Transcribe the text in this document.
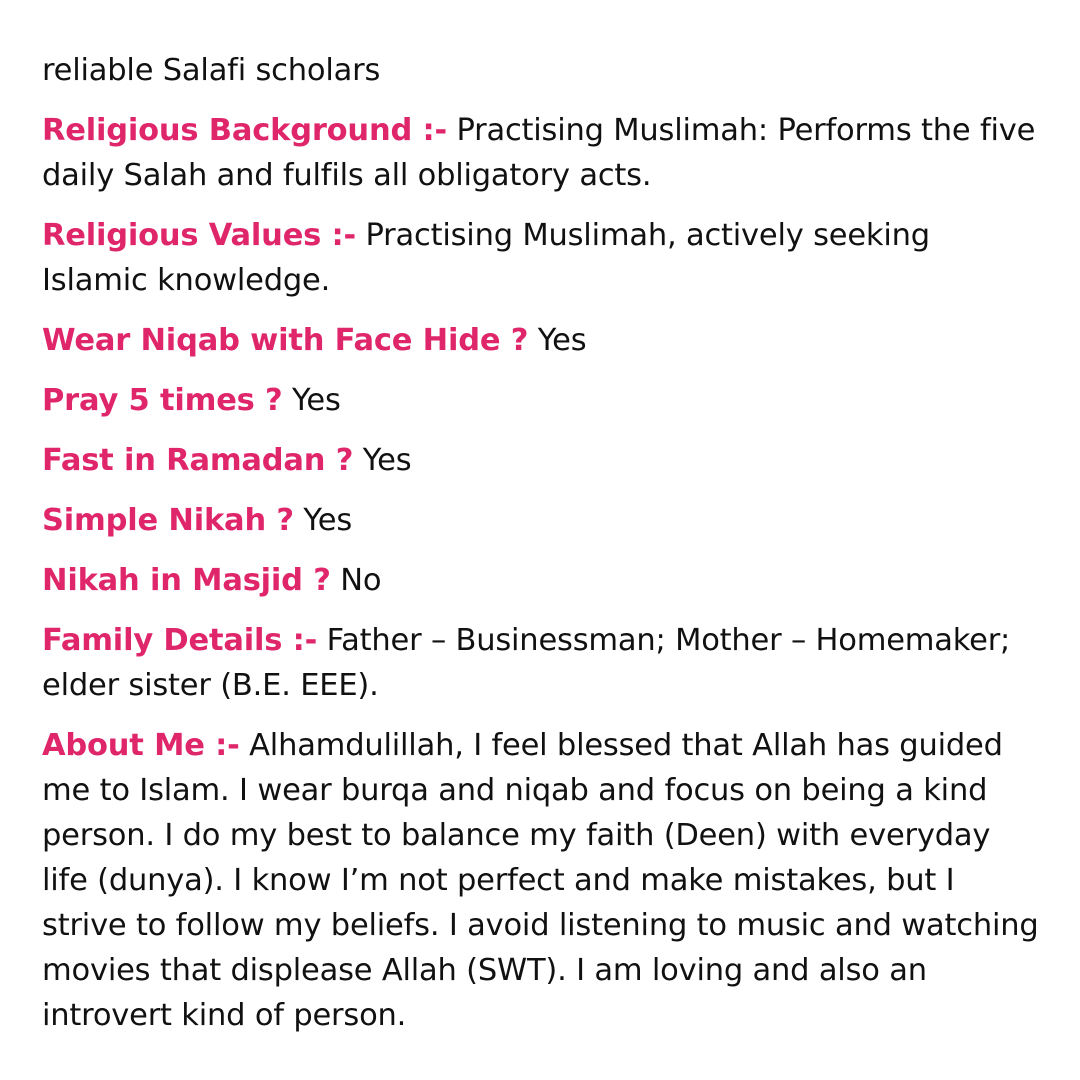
reliable Salafi scholars

Religious Background :- Practising Muslimah: Performs the five daily Salah and fulfils all obligatory acts.

Religious Values :- Practising Muslimah, actively seeking Islamic knowledge.

Wear Niqab with Face Hide ? Yes

Pray 5 times ? Yes

Fast in Ramadan ? Yes

Simple Nikah ? Yes

Nikah in Masjid ? No

Family Details :- Father – Businessman; Mother – Homemaker; elder sister (B.E. EEE).

About Me :- Alhamdulillah, I feel blessed that Allah has guided me to Islam. I wear burqa and niqab and focus on being a kind person. I do my best to balance my faith (Deen) with everyday life (dunya). I know I’m not perfect and make mistakes, but I strive to follow my beliefs. I avoid listening to music and watching movies that displease Allah (SWT). I am loving and also an introvert kind of person.
